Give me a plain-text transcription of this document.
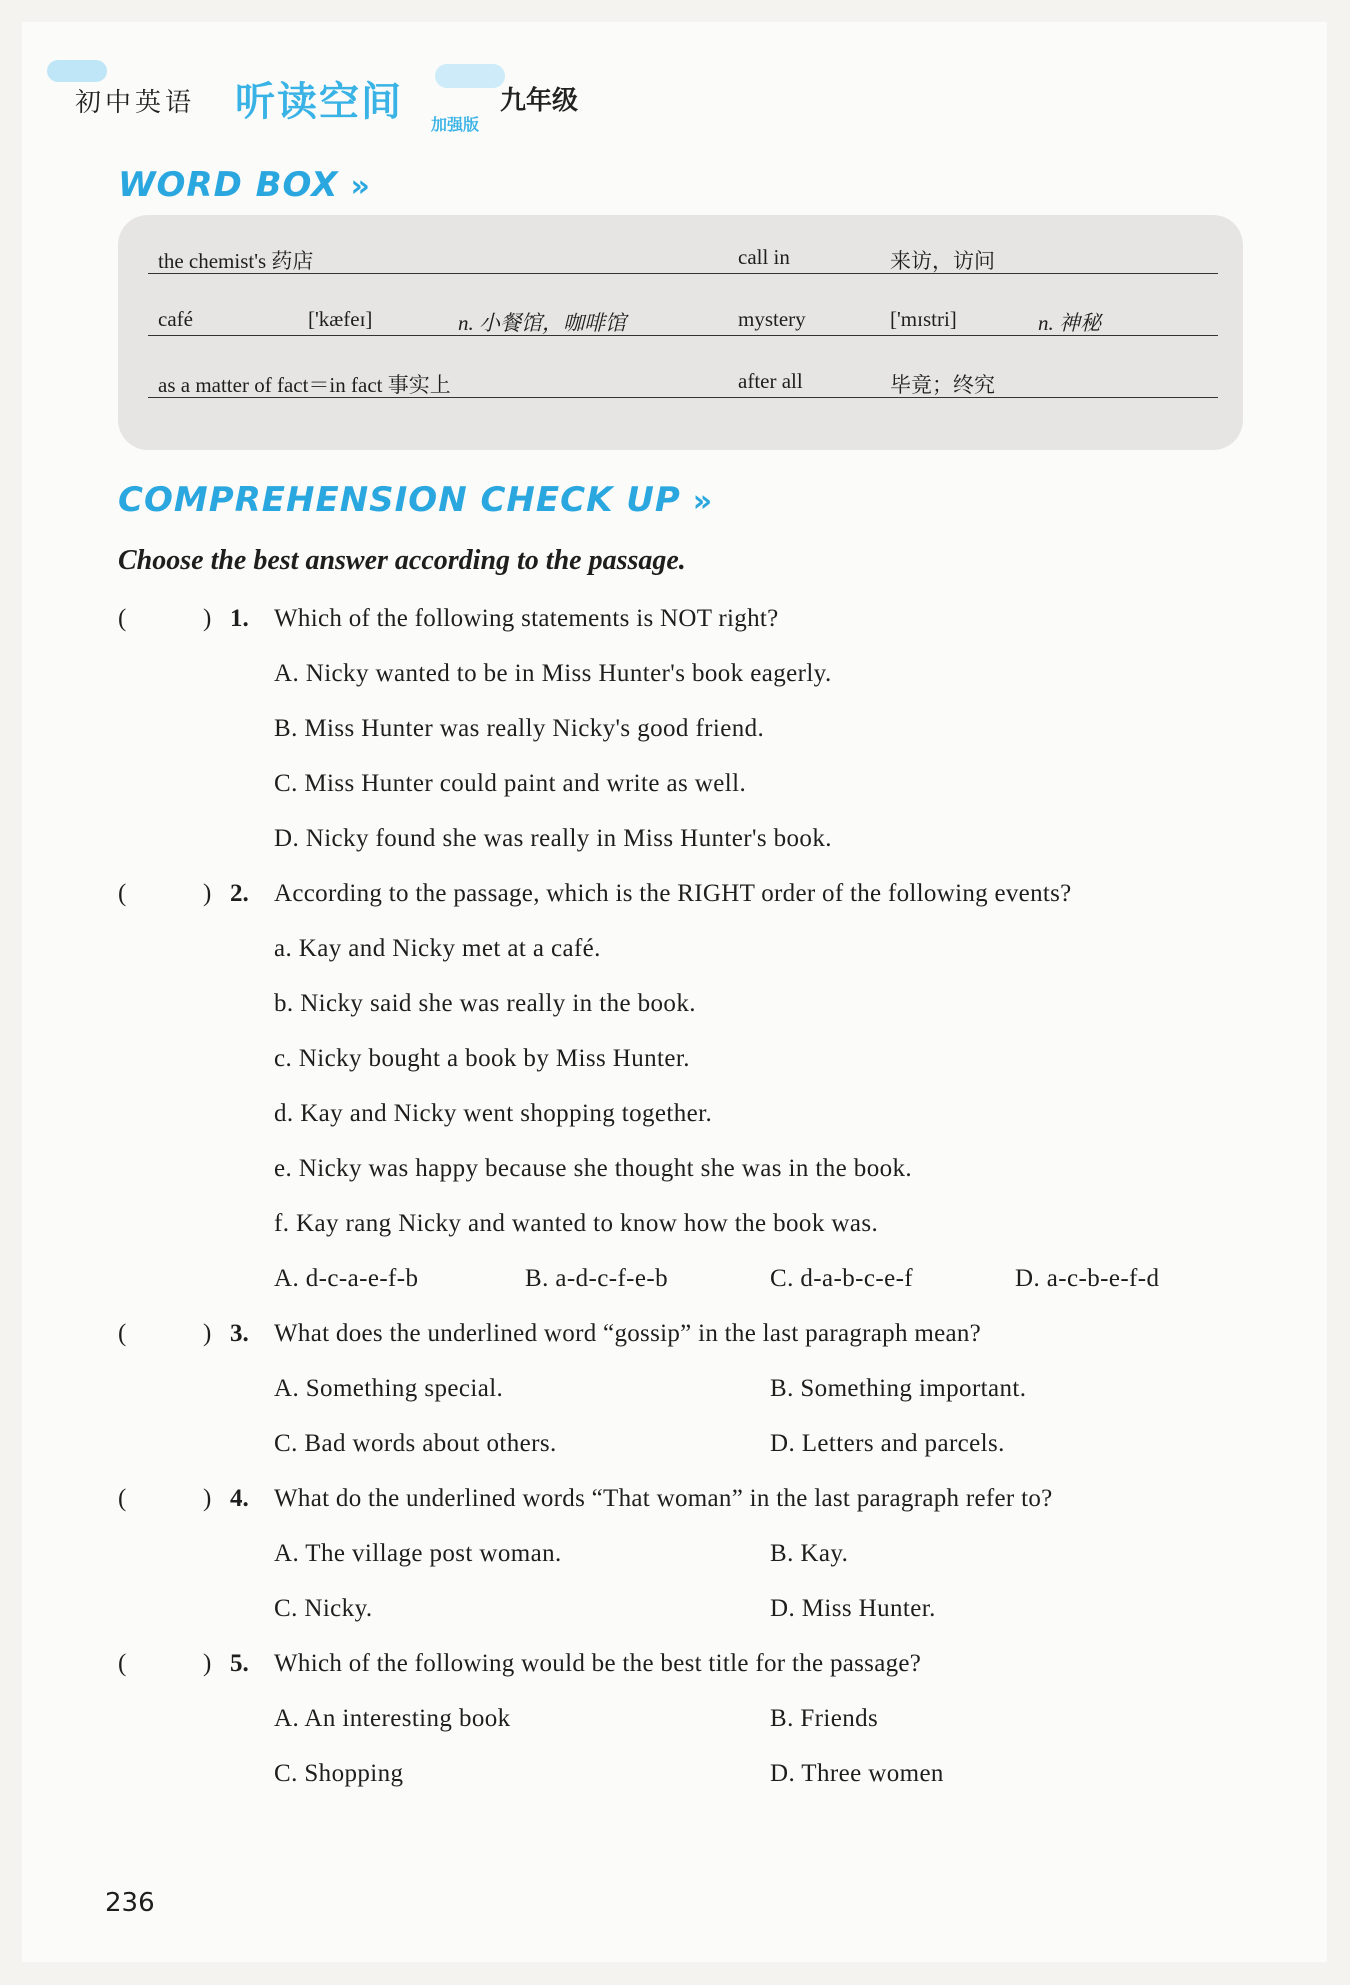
初中英语 听读空间 加强版
九年级
WORD BOX »
the chemist's 药店	call in	来访，访问
café	['kæfeɪ]	n. 小餐馆，咖啡馆	mystery	['mɪstri]	n. 神秘
as a matter of fact＝in fact 事实上	after all	毕竟；终究
COMPREHENSION CHECK UP »
Choose the best answer according to the passage.
(	) 1. Which of the following statements is NOT right?
A. Nicky wanted to be in Miss Hunter's book eagerly.
B. Miss Hunter was really Nicky's good friend.
C. Miss Hunter could paint and write as well.
D. Nicky found she was really in Miss Hunter's book.
(	) 2. According to the passage, which is the RIGHT order of the following events?
a. Kay and Nicky met at a café.
b. Nicky said she was really in the book.
c. Nicky bought a book by Miss Hunter.
d. Kay and Nicky went shopping together.
e. Nicky was happy because she thought she was in the book.
f. Kay rang Nicky and wanted to know how the book was.
A. d-c-a-e-f-b	B. a-d-c-f-e-b	C. d-a-b-c-e-f	D. a-c-b-e-f-d
(	) 3. What does the underlined word “gossip” in the last paragraph mean?
A. Something special.	B. Something important.
C. Bad words about others.	D. Letters and parcels.
(	) 4. What do the underlined words “That woman” in the last paragraph refer to?
A. The village post woman.	B. Kay.
C. Nicky.	D. Miss Hunter.
(	) 5. Which of the following would be the best title for the passage?
A. An interesting book	B. Friends
C. Shopping	D. Three women
236
